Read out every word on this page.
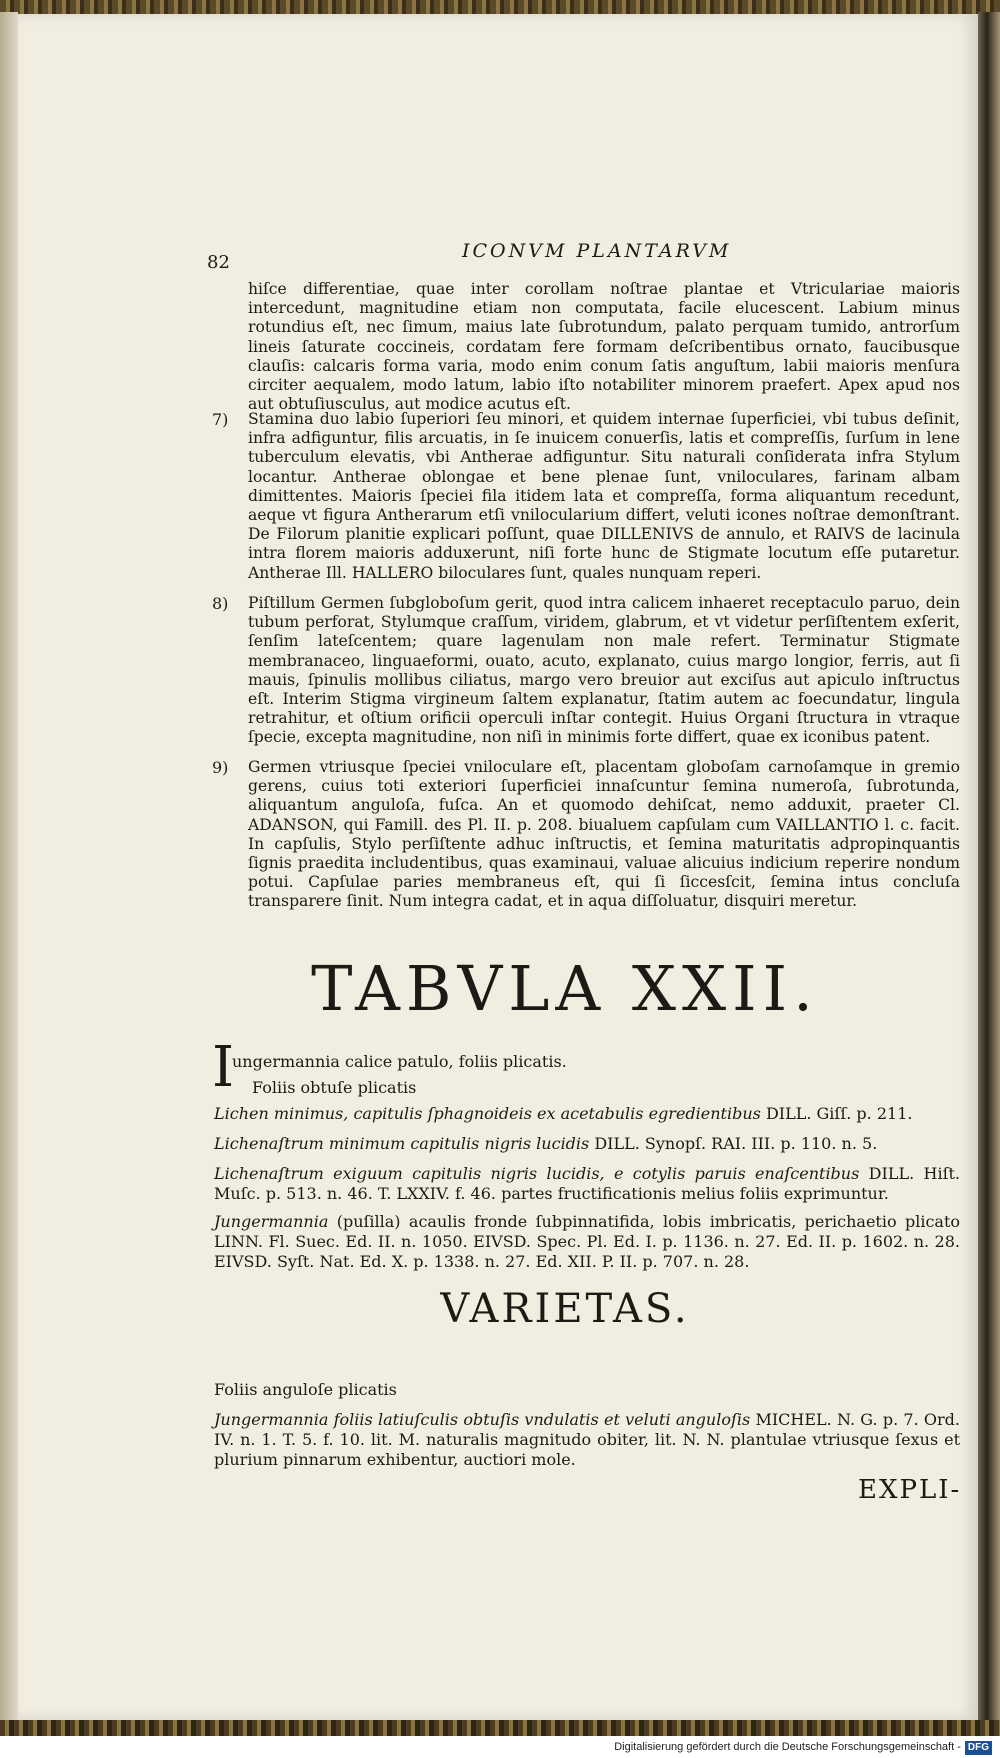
82
ICONVM PLANTARVM
hiſce differentiae, quae inter corollam noſtrae plantae et Vtriculariae maioris intercedunt, magnitudine etiam non computata, facile elucescent. Labium minus rotundius eſt, nec ſimum, maius late ſubrotundum, palato perquam tumido, antrorſum lineis ſaturate coccineis, cordatam fere formam deſcribentibus ornato, faucibusque clauſis: calcaris forma varia, modo enim conum ſatis anguſtum, labii maioris menſura circiter aequalem, modo latum, labio iſto notabiliter minorem praefert. Apex apud nos aut obtuſiusculus, aut modice acutus eſt.
7) Stamina duo labio ſuperiori ſeu minori, et quidem internae ſuperficiei, vbi tubus deſinit, infra adfiguntur, filis arcuatis, in ſe inuicem conuerſis, latis et compreſſis, ſurſum in lene tuberculum elevatis, vbi Antherae adfiguntur. Situ naturali conſiderata infra Stylum locantur. Antherae oblongae et bene plenae ſunt, vniloculares, farinam albam dimittentes. Maioris ſpeciei fila itidem lata et compreſſa, forma aliquantum recedunt, aeque vt figura Antherarum etſi vnilocularium differt, veluti icones noſtrae demonſtrant. De Filorum planitie explicari poſſunt, quae DILLENIVS de annulo, et RAIVS de lacinula intra florem maioris adduxerunt, niſi forte hunc de Stigmate locutum eſſe putaretur. Antherae Ill. HALLERO biloculares ſunt, quales nunquam reperi.
8) Piſtillum Germen ſubgloboſum gerit, quod intra calicem inhaeret receptaculo paruo, dein tubum perforat, Stylumque craſſum, viridem, glabrum, et vt videtur perſiſtentem exſerit, ſenſim lateſcentem; quare lagenulam non male refert. Terminatur Stigmate membranaceo, linguaeformi, ouato, acuto, explanato, cuius margo longior, ferris, aut ſi mauis, ſpinulis mollibus ciliatus, margo vero breuior aut exciſus aut apiculo inſtructus eſt. Interim Stigma virgineum ſaltem explanatur, ſtatim autem ac foecundatur, lingula retrahitur, et oſtium orificii operculi inſtar contegit. Huius Organi ſtructura in vtraque ſpecie, excepta magnitudine, non niſi in minimis forte differt, quae ex iconibus patent.
9) Germen vtriusque ſpeciei vniloculare eſt, placentam globoſam carnoſamque in gremio gerens, cuius toti exteriori ſuperficiei innaſcuntur ſemina numeroſa, ſubrotunda, aliquantum anguloſa, fuſca. An et quomodo dehiſcat, nemo adduxit, praeter Cl. ADANSON, qui Famill. des Pl. II. p. 208. biualuem capſulam cum VAILLANTIO l. c. facit. In capſulis, Stylo perſiſtente adhuc inſtructis, et ſemina maturitatis adpropinquantis ſignis praedita includentibus, quas examinaui, valuae alicuius indicium reperire nondum potui. Capſulae paries membraneus eſt, qui ſi ſiccesſcit, ſemina intus concluſa transparere ſinit. Num integra cadat, et in aqua diſſoluatur, disquiri meretur.
TABVLA XXII.
I
ungermannia calice patulo, foliis plicatis.
Foliis obtuſe plicatis
Lichen minimus, capitulis ſphagnoideis ex acetabulis egredientibus DILL. Giſſ. p. 211.
Lichenaſtrum minimum capitulis nigris lucidis DILL. Synopſ. RAI. III. p. 110. n. 5.
Lichenaſtrum exiguum capitulis nigris lucidis, e cotylis paruis enaſcentibus DILL. Hiſt. Muſc. p. 513. n. 46. T. LXXIV. f. 46. partes fructificationis melius foliis exprimuntur.
Jungermannia (puſilla) acaulis fronde ſubpinnatifida, lobis imbricatis, perichaetio plicato LINN. Fl. Suec. Ed. II. n. 1050. EIVSD. Spec. Pl. Ed. I. p. 1136. n. 27. Ed. II. p. 1602. n. 28. EIVSD. Syſt. Nat. Ed. X. p. 1338. n. 27. Ed. XII. P. II. p. 707. n. 28.
VARIETAS.
Foliis anguloſe plicatis
Jungermannia foliis latiuſculis obtuſis vndulatis et veluti anguloſis MICHEL. N. G. p. 7. Ord. IV. n. 1. T. 5. f. 10. lit. M. naturalis magnitudo obiter, lit. N. N. plantulae vtriusque ſexus et plurium pinnarum exhibentur, auctiori mole.
EXPLI-
Digitalisierung gefördert durch die Deutsche Forschungsgemeinschaft - DFG
